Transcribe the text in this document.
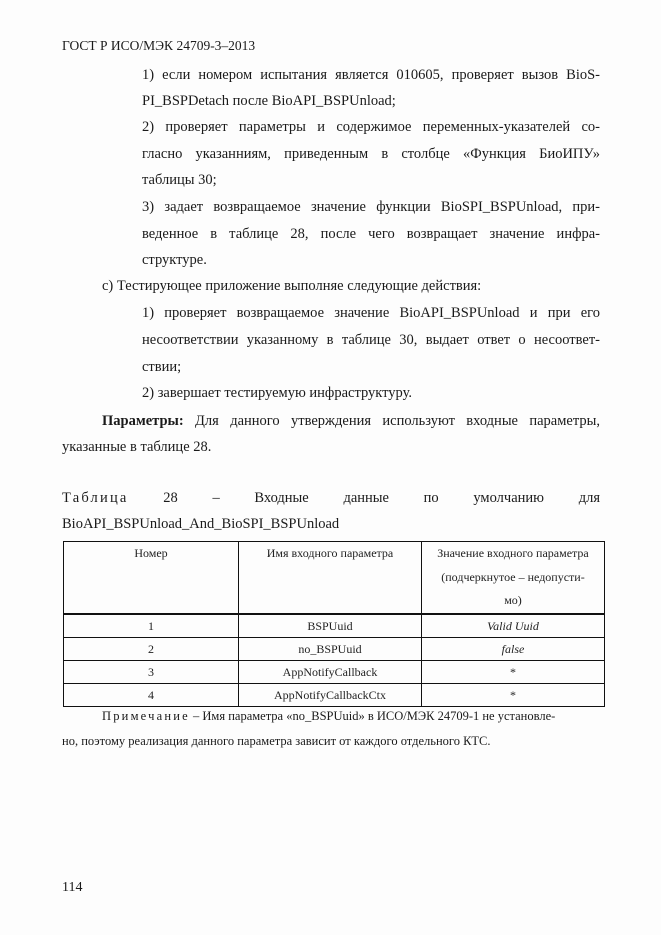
ГОСТ Р ИСО/МЭК 24709-3–2013
1) если номером испытания является 010605, проверяет вызов BioS-
PI_BSPDetach после BioAPI_BSPUnload;
2) проверяет параметры и содержимое переменных-указателей со-
гласно указанниям, приведенным в столбце «Функция БиоИПУ»
таблицы 30;
3) задает возвращаемое значение функции BioSPI_BSPUnload, при-
веденное в таблице 28, после чего возвращает значение инфра-
структуре.
c) Тестирующее приложение выполняе следующие действия:
1) проверяет возвращаемое значение BioAPI_BSPUnload и при его
несоответствии указанному в таблице 30, выдает ответ о несоответ-
ствии;
2) завершает тестируемую инфраструктуру.
Параметры: Для данного утверждения используют входные параметры,
указанные в таблице 28.
Таблица 28 – Входные данные по умолчанию для
BioAPI_BSPUnload_And_BioSPI_BSPUnload
Номер	Имя входного параметра	Значение входного параметра
(подчеркнутое – недопусти-
мо)
1	BSPUuid	Valid Uuid
2	no_BSPUuid	false
3	AppNotifyCallback	*
4	AppNotifyCallbackCtx	*
Примечание – Имя параметра «no_BSPUuid» в ИСО/МЭК 24709-1 не установле-
но, поэтому реализация данного параметра зависит от каждого отдельного КТС.
114
